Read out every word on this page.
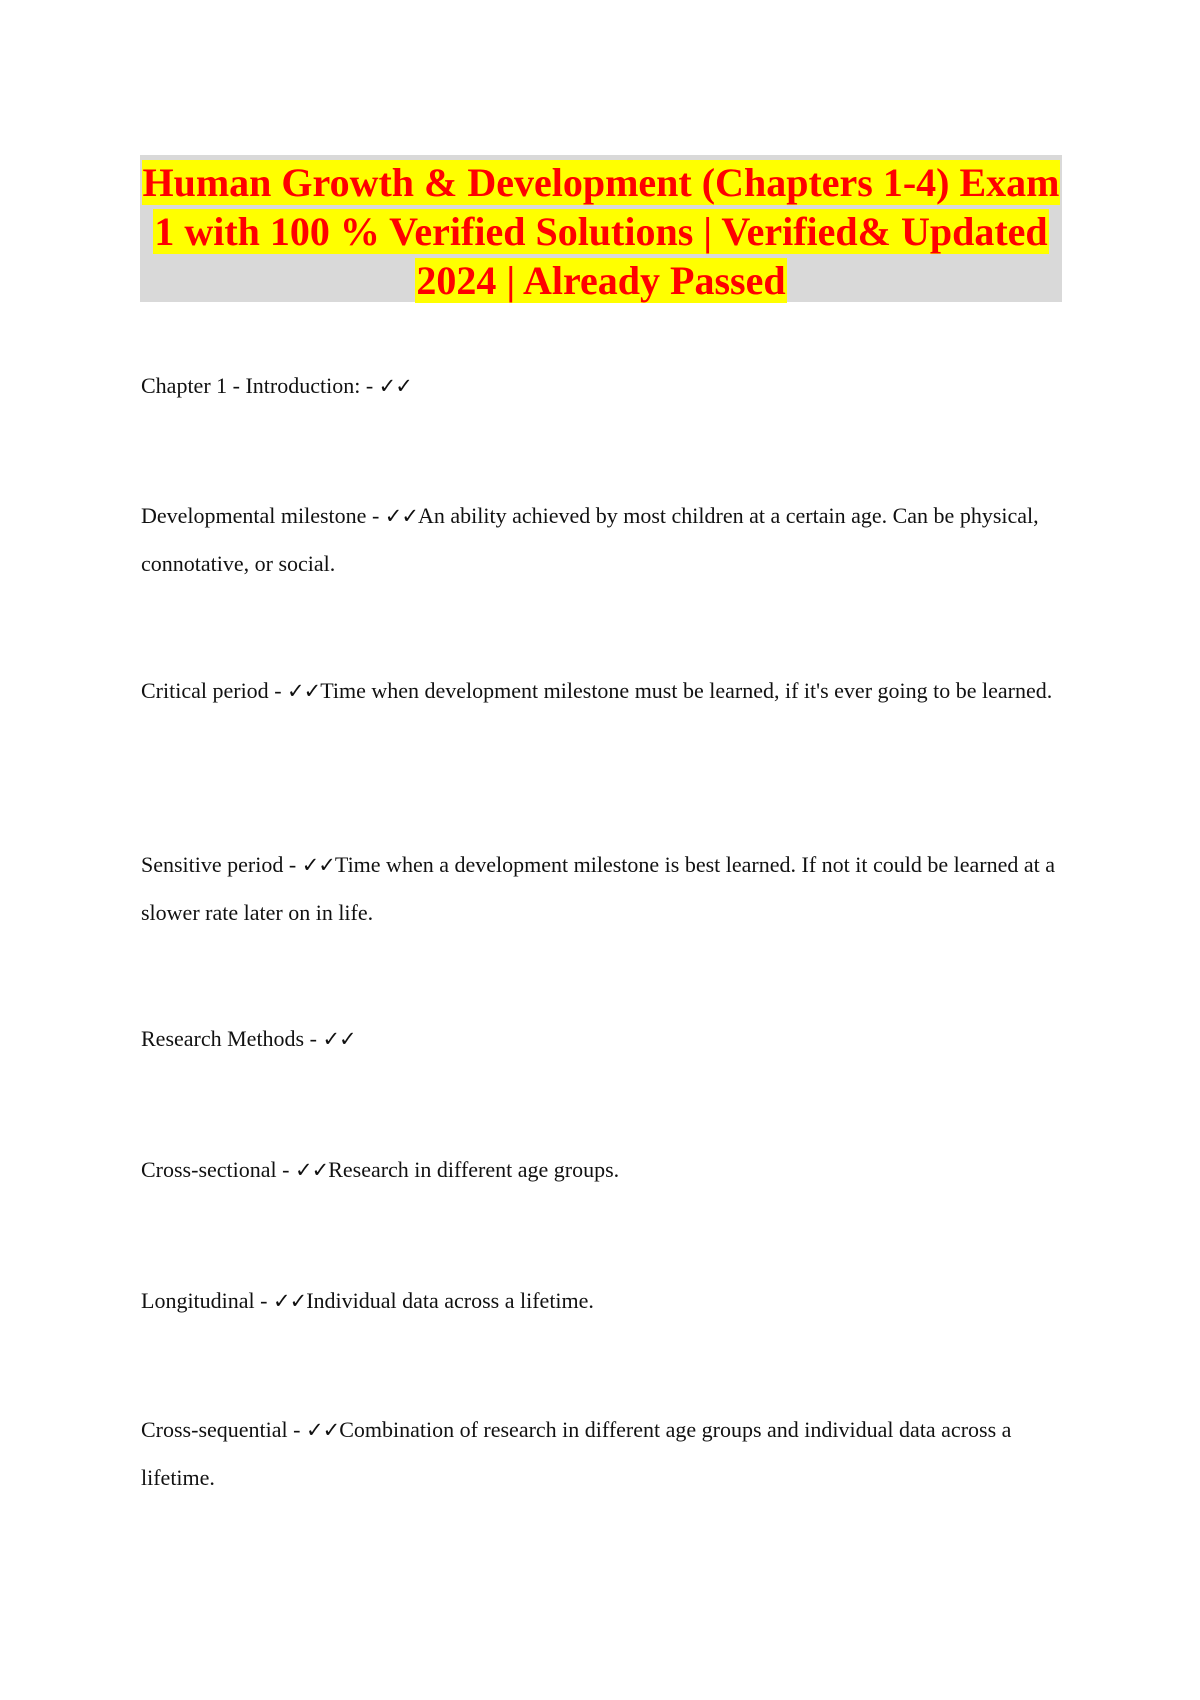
Human Growth & Development (Chapters 1-4) Exam 1 with 100 % Verified Solutions | Verified& Updated 2024 | Already Passed

Chapter 1 - Introduction: - ✓✓

Developmental milestone - ✓✓An ability achieved by most children at a certain age. Can be physical, connotative, or social.

Critical period - ✓✓Time when development milestone must be learned, if it's ever going to be learned.

Sensitive period - ✓✓Time when a development milestone is best learned. If not it could be learned at a slower rate later on in life.

Research Methods - ✓✓

Cross-sectional - ✓✓Research in different age groups.

Longitudinal - ✓✓Individual data across a lifetime.

Cross-sequential - ✓✓Combination of research in different age groups and individual data across a lifetime.
